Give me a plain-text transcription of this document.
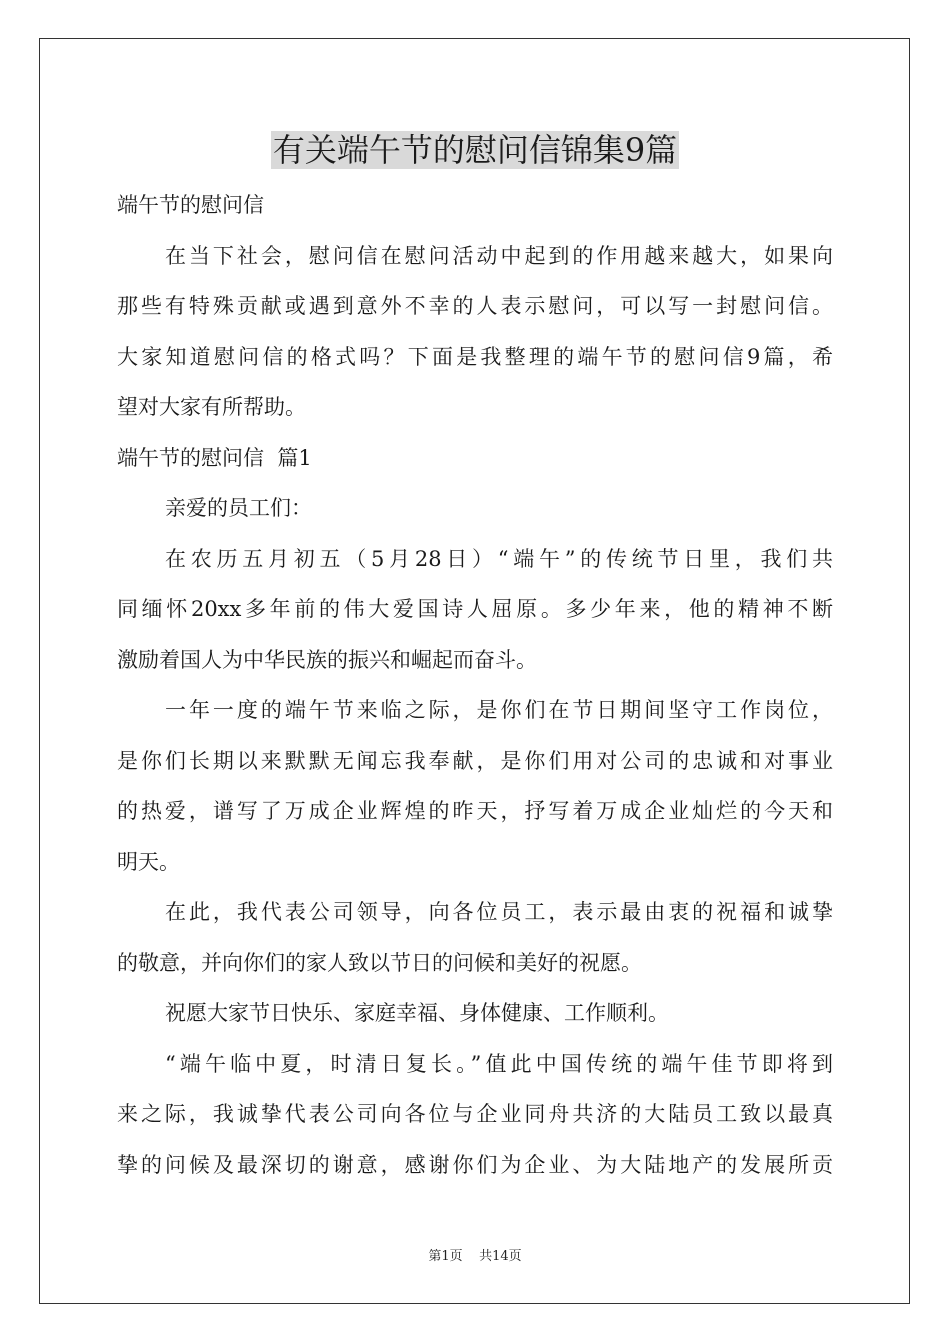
有关端午节的慰问信锦集9篇

端午节的慰问信

在当下社会，慰问信在慰问活动中起到的作用越来越大，如果向

那些有特殊贡献或遇到意外不幸的人表示慰问，可以写一封慰问信。

大家知道慰问信的格式吗？下面是我整理的端午节的慰问信9篇，希

望对大家有所帮助。

端午节的慰问信  篇1

亲爱的员工们：

在农历五月初五（5月28日）“端午”的传统节日里，我们共

同缅怀20xx多年前的伟大爱国诗人屈原。多少年来，他的精神不断

激励着国人为中华民族的振兴和崛起而奋斗。

一年一度的端午节来临之际，是你们在节日期间坚守工作岗位，

是你们长期以来默默无闻忘我奉献，是你们用对公司的忠诚和对事业

的热爱，谱写了万成企业辉煌的昨天，抒写着万成企业灿烂的今天和

明天。

在此，我代表公司领导，向各位员工，表示最由衷的祝福和诚挚

的敬意，并向你们的家人致以节日的问候和美好的祝愿。

祝愿大家节日快乐、家庭幸福、身体健康、工作顺利。

“端午临中夏，时清日复长。”值此中国传统的端午佳节即将到

来之际，我诚挚代表公司向各位与企业同舟共济的大陆员工致以最真

挚的问候及最深切的谢意，感谢你们为企业、为大陆地产的发展所贡

第1页    共14页
